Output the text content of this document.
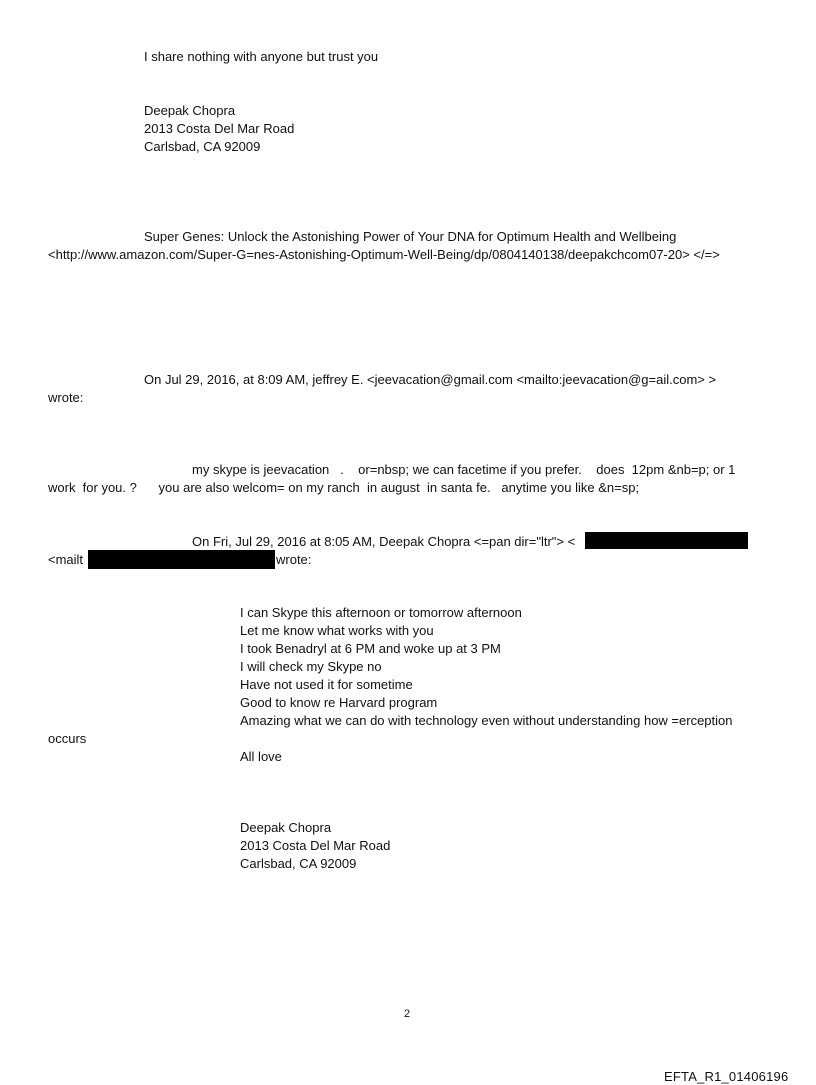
I share nothing with anyone but trust you

Deepak Chopra

2013 Costa Del Mar Road

Carlsbad, CA 92009

Super Genes: Unlock the Astonishing Power of Your DNA for Optimum Health and Wellbeing

<http://www.amazon.com/Super-G=nes-Astonishing-Optimum-Well-Being/dp/0804140138/deepakchcom07-20> </=>

On Jul 29, 2016, at 8:09 AM, jeffrey E. <jeevacation@gmail.com <mailto:jeevacation@g=ail.com> >

wrote:

my skype is jeevacation   .    or=nbsp; we can facetime if you prefer.    does  12pm &nb=p; or 1

work  for you. ?      you are also welcom= on my ranch  in august  in santa fe.   anytime you like &n=sp;

On Fri, Jul 29, 2016 at 8:05 AM, Deepak Chopra <=pan dir="ltr"> <

<mailt	wrote:

I can Skype this afternoon or tomorrow afternoon

Let me know what works with you

I took Benadryl at 6 PM and woke up at 3 PM

I will check my Skype no

Have not used it for sometime

Good to know re Harvard program

Amazing what we can do with technology even without understanding how =erception

occurs

All love

Deepak Chopra

2013 Costa Del Mar Road

Carlsbad, CA 92009

2

EFTA_R1_01406196
